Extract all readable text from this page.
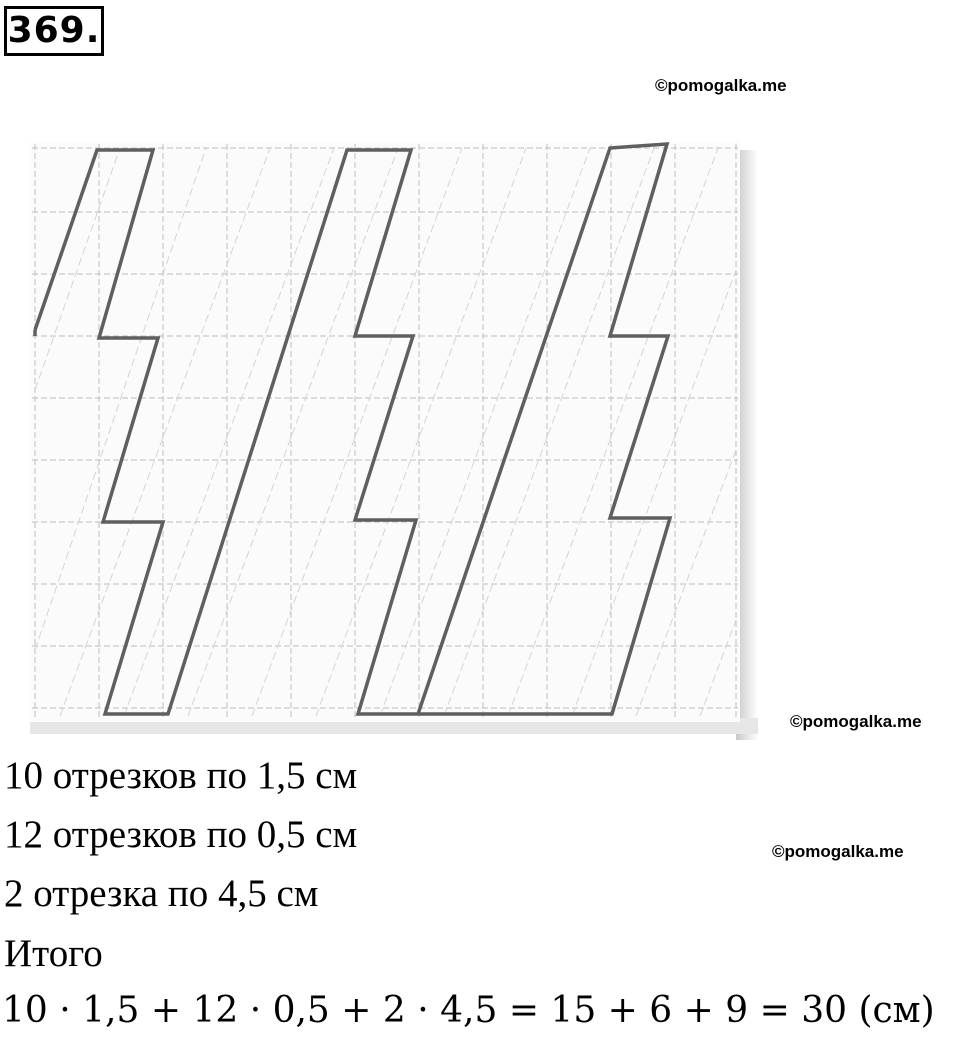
369.
©pomogalka.me
©pomogalka.me
10 отрезков по 1,5 см
12 отрезков по 0,5 см	©pomogalka.me
2 отрезка по 4,5 см
Итого
10 · 1,5 + 12 · 0,5 + 2 · 4,5 = 15 + 6 + 9 = 30 (см)
